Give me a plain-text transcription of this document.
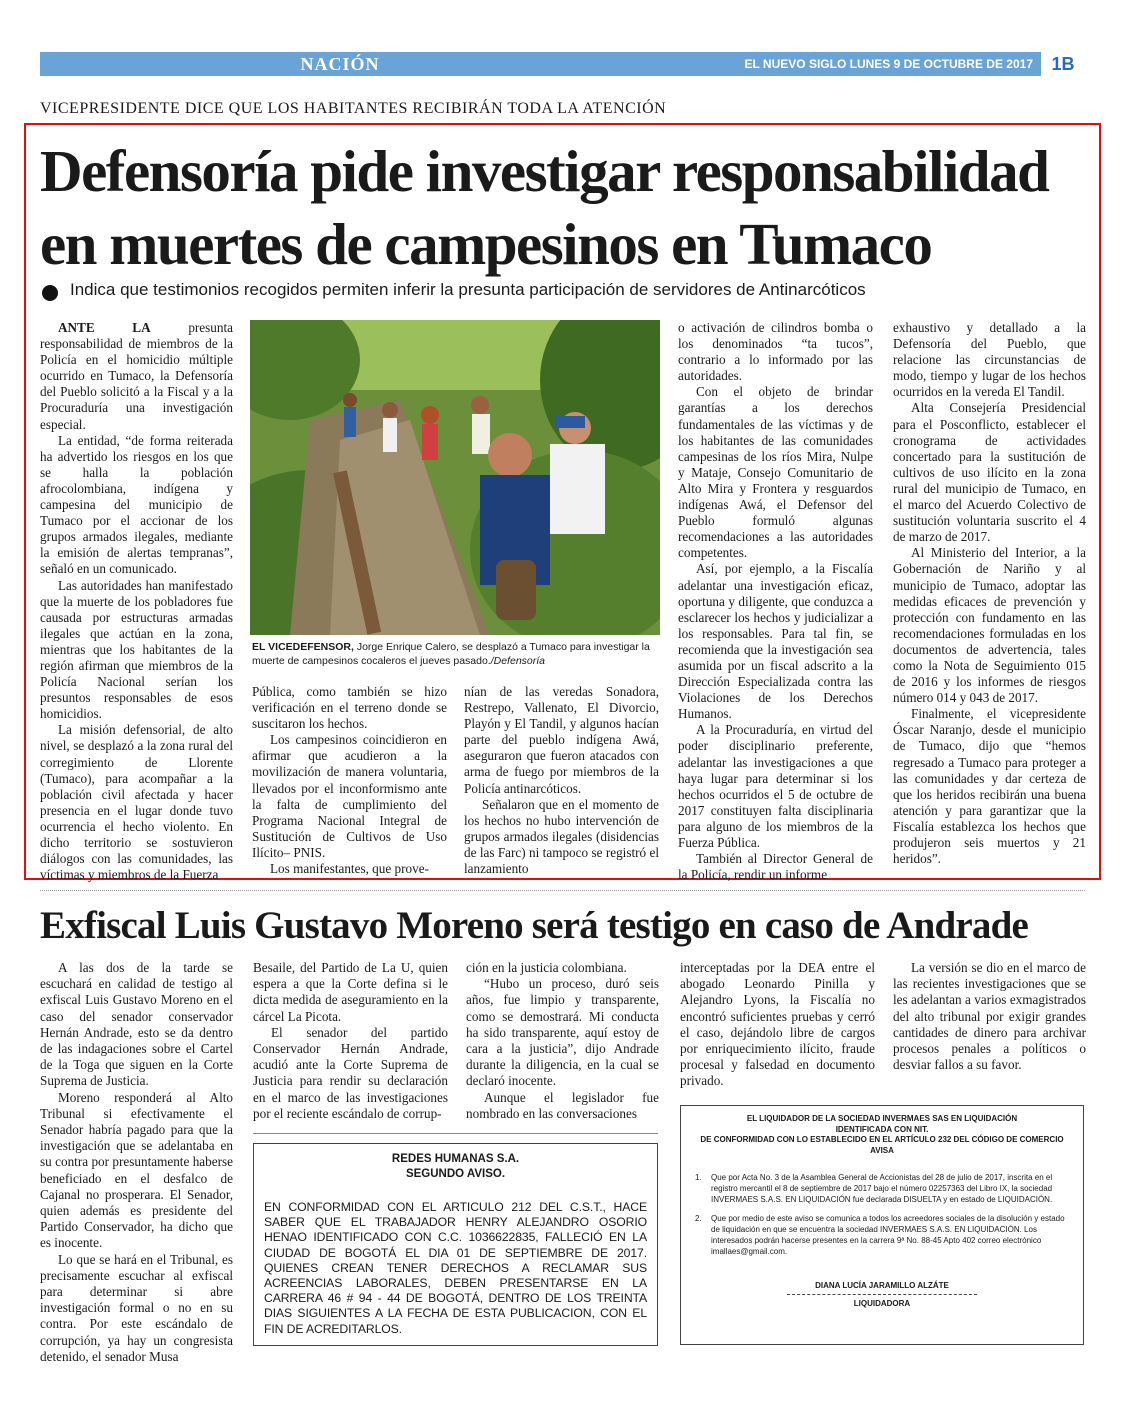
NACIÓN	EL NUEVO SIGLO LUNES 9 DE OCTUBRE DE 2017	1B
VICEPRESIDENTE DICE QUE LOS HABITANTES RECIBIRÁN TODA LA ATENCIÓN
Defensoría pide investigar responsabilidad
en muertes de campesinos en Tumaco
Indica que testimonios recogidos permiten inferir la presunta participación de servidores de Antinarcóticos

ANTE LA presunta responsabilidad de miembros de la Policía en el homicidio múltiple ocurrido en Tumaco, la Defensoría del Pueblo solicitó a la Fiscal y a la Procuraduría una investigación especial.

La entidad, “de forma reiterada ha advertido los riesgos en los que se halla la población afrocolombiana, indígena y campesina del municipio de Tumaco por el accionar de los grupos armados ilegales, mediante la emisión de alertas tempranas”, señaló en un comunicado.

Las autoridades han manifestado que la muerte de los pobladores fue causada por estructuras armadas ilegales que actúan en la zona, mientras que los habitantes de la región afirman que miembros de la Policía Nacional serían los presuntos responsables de esos homicidios.

La misión defensorial, de alto nivel, se desplazó a la zona rural del corregimiento de Llorente (Tumaco), para acompañar a la población civil afectada y hacer presencia en el lugar donde tuvo ocurrencia el hecho violento. En dicho territorio se sostuvieron diálogos con las comunidades, las víctimas y miembros de la Fuerza

EL VICEDEFENSOR, Jorge Enrique Calero, se desplazó a Tumaco para investigar la muerte de campesinos cocaleros el jueves pasado./Defensoría

Pública, como también se hizo verificación en el terreno donde se suscitaron los hechos.

Los campesinos coincidieron en afirmar que acudieron a la movilización de manera voluntaria, llevados por el inconformismo ante la falta de cumplimiento del Programa Nacional Integral de Sustitución de Cultivos de Uso Ilícito– PNIS.

Los manifestantes, que prove-

nían de las veredas Sonadora, Restrepo, Vallenato, El Divorcio, Playón y El Tandil, y algunos hacían parte del pueblo indígena Awá, aseguraron que fueron atacados con arma de fuego por miembros de la Policía antinarcóticos.

Señalaron que en el momento de los hechos no hubo intervención de grupos armados ilegales (disidencias de las Farc) ni tampoco se registró el lanzamiento

o activación de cilindros bomba o los denominados “ta tucos”, contrario a lo informado por las autoridades.

Con el objeto de brindar garantías a los derechos fundamentales de las víctimas y de los habitantes de las comunidades campesinas de los ríos Mira, Nulpe y Mataje, Consejo Comunitario de Alto Mira y Frontera y resguardos indígenas Awá, el Defensor del Pueblo formuló algunas recomendaciones a las autoridades competentes.

Así, por ejemplo, a la Fiscalía adelantar una investigación eficaz, oportuna y diligente, que conduzca a esclarecer los hechos y judicializar a los responsables. Para tal fin, se recomienda que la investigación sea asumida por un fiscal adscrito a la Dirección Especializada contra las Violaciones de los Derechos Humanos.

A la Procuraduría, en virtud del poder disciplinario preferente, adelantar las investigaciones a que haya lugar para determinar si los hechos ocurridos el 5 de octubre de 2017 constituyen falta disciplinaria para alguno de los miembros de la Fuerza Pública.

También al Director General de la Policía, rendir un informe

exhaustivo y detallado a la Defensoría del Pueblo, que relacione las circunstancias de modo, tiempo y lugar de los hechos ocurridos en la vereda El Tandil.

Alta Consejería Presidencial para el Posconflicto, establecer el cronograma de actividades concertado para la sustitución de cultivos de uso ilícito en la zona rural del municipio de Tumaco, en el marco del Acuerdo Colectivo de sustitución voluntaria suscrito el 4 de marzo de 2017.

Al Ministerio del Interior, a la Gobernación de Nariño y al municipio de Tumaco, adoptar las medidas eficaces de prevención y protección con fundamento en las recomendaciones formuladas en los documentos de advertencia, tales como la Nota de Seguimiento 015 de 2016 y los informes de riesgos número 014 y 043 de 2017.

Finalmente, el vicepresidente Óscar Naranjo, desde el municipio de Tumaco, dijo que “hemos regresado a Tumaco para proteger a las comunidades y dar certeza de que los heridos recibirán una buena atención y para garantizar que la Fiscalía establezca los hechos que produjeron seis muertos y 21 heridos”.

Exfiscal Luis Gustavo Moreno será testigo en caso de Andrade

A las dos de la tarde se escuchará en calidad de testigo al exfiscal Luis Gustavo Moreno en el caso del senador conservador Hernán Andrade, esto se da dentro de las indagaciones sobre el Cartel de la Toga que siguen en la Corte Suprema de Justicia.

Moreno responderá al Alto Tribunal si efectivamente el Senador habría pagado para que la investigación que se adelantaba en su contra por presuntamente haberse beneficiado en el desfalco de Cajanal no prosperara. El Senador, quien además es presidente del Partido Conservador, ha dicho que es inocente.

Lo que se hará en el Tribunal, es precisamente escuchar al exfiscal para determinar si abre investigación formal o no en su contra. Por este escándalo de corrupción, ya hay un congresista detenido, el senador Musa

Besaile, del Partido de La U, quien espera a que la Corte defina si le dicta medida de aseguramiento en la cárcel La Picota.

El senador del partido Conservador Hernán Andrade, acudió ante la Corte Suprema de Justicia para rendir su declaración en el marco de las investigaciones por el reciente escándalo de corrup-

ción en la justicia colombiana.

“Hubo un proceso, duró seis años, fue limpio y transparente, como se demostrará. Mi conducta ha sido transparente, aquí estoy de cara a la justicia”, dijo Andrade durante la diligencia, en la cual se declaró inocente.

Aunque el legislador fue nombrado en las conversaciones

interceptadas por la DEA entre el abogado Leonardo Pinilla y Alejandro Lyons, la Fiscalía no encontró suficientes pruebas y cerró el caso, dejándolo libre de cargos por enriquecimiento ilícito, fraude procesal y falsedad en documento privado.

La versión se dio en el marco de las recientes investigaciones que se les adelantan a varios exmagistrados del alto tribunal por exigir grandes cantidades de dinero para archivar procesos penales a políticos o desviar fallos a su favor.

REDES HUMANAS S.A.
SEGUNDO AVISO.
EN CONFORMIDAD CON EL ARTICULO 212 DEL C.S.T., HACE SABER QUE EL TRABAJADOR HENRY ALEJANDRO OSORIO HENAO IDENTIFICADO CON C.C. 1036622835, FALLECIÓ EN LA CIUDAD DE BOGOTÁ EL DIA 01 DE SEPTIEMBRE DE 2017. QUIENES CREAN TENER DERECHOS A RECLAMAR SUS ACREENCIAS LABORALES, DEBEN PRESENTARSE EN LA CARRERA 46 # 94 - 44 DE BOGOTÁ, DENTRO DE LOS TREINTA DIAS SIGUIENTES A LA FECHA DE ESTA PUBLICACION, CON EL FIN DE ACREDITARLOS.
EL LIQUIDADOR DE LA SOCIEDAD INVERMAES SAS EN LIQUIDACIÓN
IDENTIFICADA CON NIT.
DE CONFORMIDAD CON LO ESTABLECIDO EN EL ARTÍCULO 232 DEL CÓDIGO DE COMERCIO
AVISA
1.	Que por Acta No. 3 de la Asamblea General de Accionistas del 28 de julio de 2017, inscrita en el registro mercantil el 8 de septiembre de 2017 bajo el número 02257363 del Libro IX, la sociedad INVERMAES S.A.S. EN LIQUIDACIÓN fue declarada DISUELTA y en estado de LIQUIDACIÓN.
2.	Que por medio de este aviso se comunica a todos los acreedores sociales de la disolución y estado de liquidación en que se encuentra la sociedad INVERMAES S.A.S. EN LIQUIDACIÓN. Los interesados podrán hacerse presentes en la carrera 9ª No. 88-45 Apto 402 correo electrónico imallaes@gmail.com.
DIANA LUCÍA JARAMILLO ALZÁTE
LIQUIDADORA
